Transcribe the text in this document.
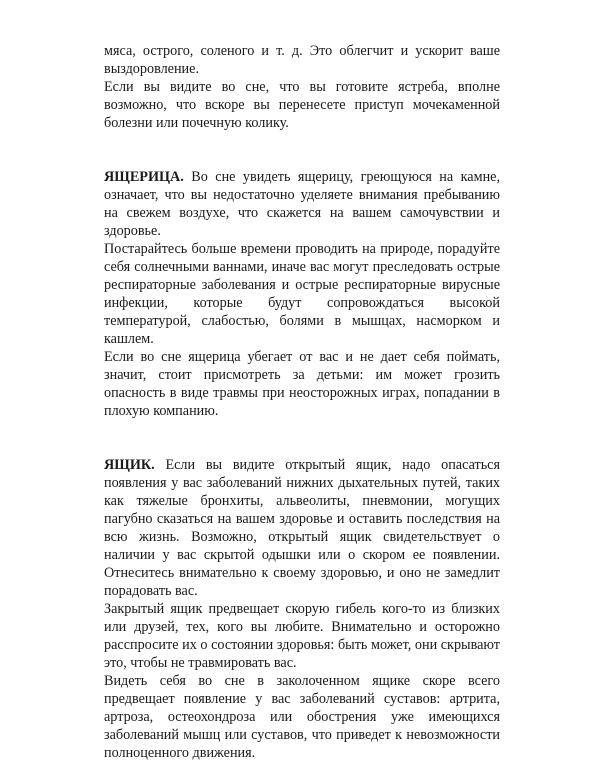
мяса, острого, соленого и т. д. Это облегчит и ускорит ваше выздоровление.

Если вы видите во сне, что вы готовите ястреба, вполне возможно, что вскоре вы перенесете приступ мочекаменной болезни или почечную колику.

ЯЩЕРИЦА. Во сне увидеть ящерицу, греющуюся на камне, означает, что вы недостаточно уделяете внимания пребыванию на свежем воздухе, что скажется на вашем самочувствии и здоровье.

Постарайтесь больше времени проводить на природе, порадуйте себя солнечными ваннами, иначе вас могут преследовать острые респираторные заболевания и острые респираторные вирусные инфекции, которые будут сопровождаться высокой температурой, слабостью, болями в мышцах, насморком и кашлем.

Если во сне ящерица убегает от вас и не дает себя поймать, значит, стоит присмотреть за детьми: им может грозить опасность в виде травмы при неосторожных играх, попадании в плохую компанию.

ЯЩИК. Если вы видите открытый ящик, надо опасаться появления у вас заболеваний нижних дыхательных путей, таких как тяжелые бронхиты, альвеолиты, пневмонии, могущих пагубно сказаться на вашем здоровье и оставить последствия на всю жизнь. Возможно, открытый ящик свидетельствует о наличии у вас скрытой одышки или о скором ее появлении. Отнеситесь внимательно к своему здоровью, и оно не замедлит порадовать вас.

Закрытый ящик предвещает скорую гибель кого-то из близких или друзей, тех, кого вы любите. Внимательно и осторожно расспросите их о состоянии здоровья: быть может, они скрывают это, чтобы не травмировать вас.

Видеть себя во сне в заколоченном ящике скоре всего предвещает появление у вас заболеваний суставов: артрита, артроза, остеохондроза или обострения уже имеющихся заболеваний мышц или суставов, что приведет к невозможности полноценного движения.
